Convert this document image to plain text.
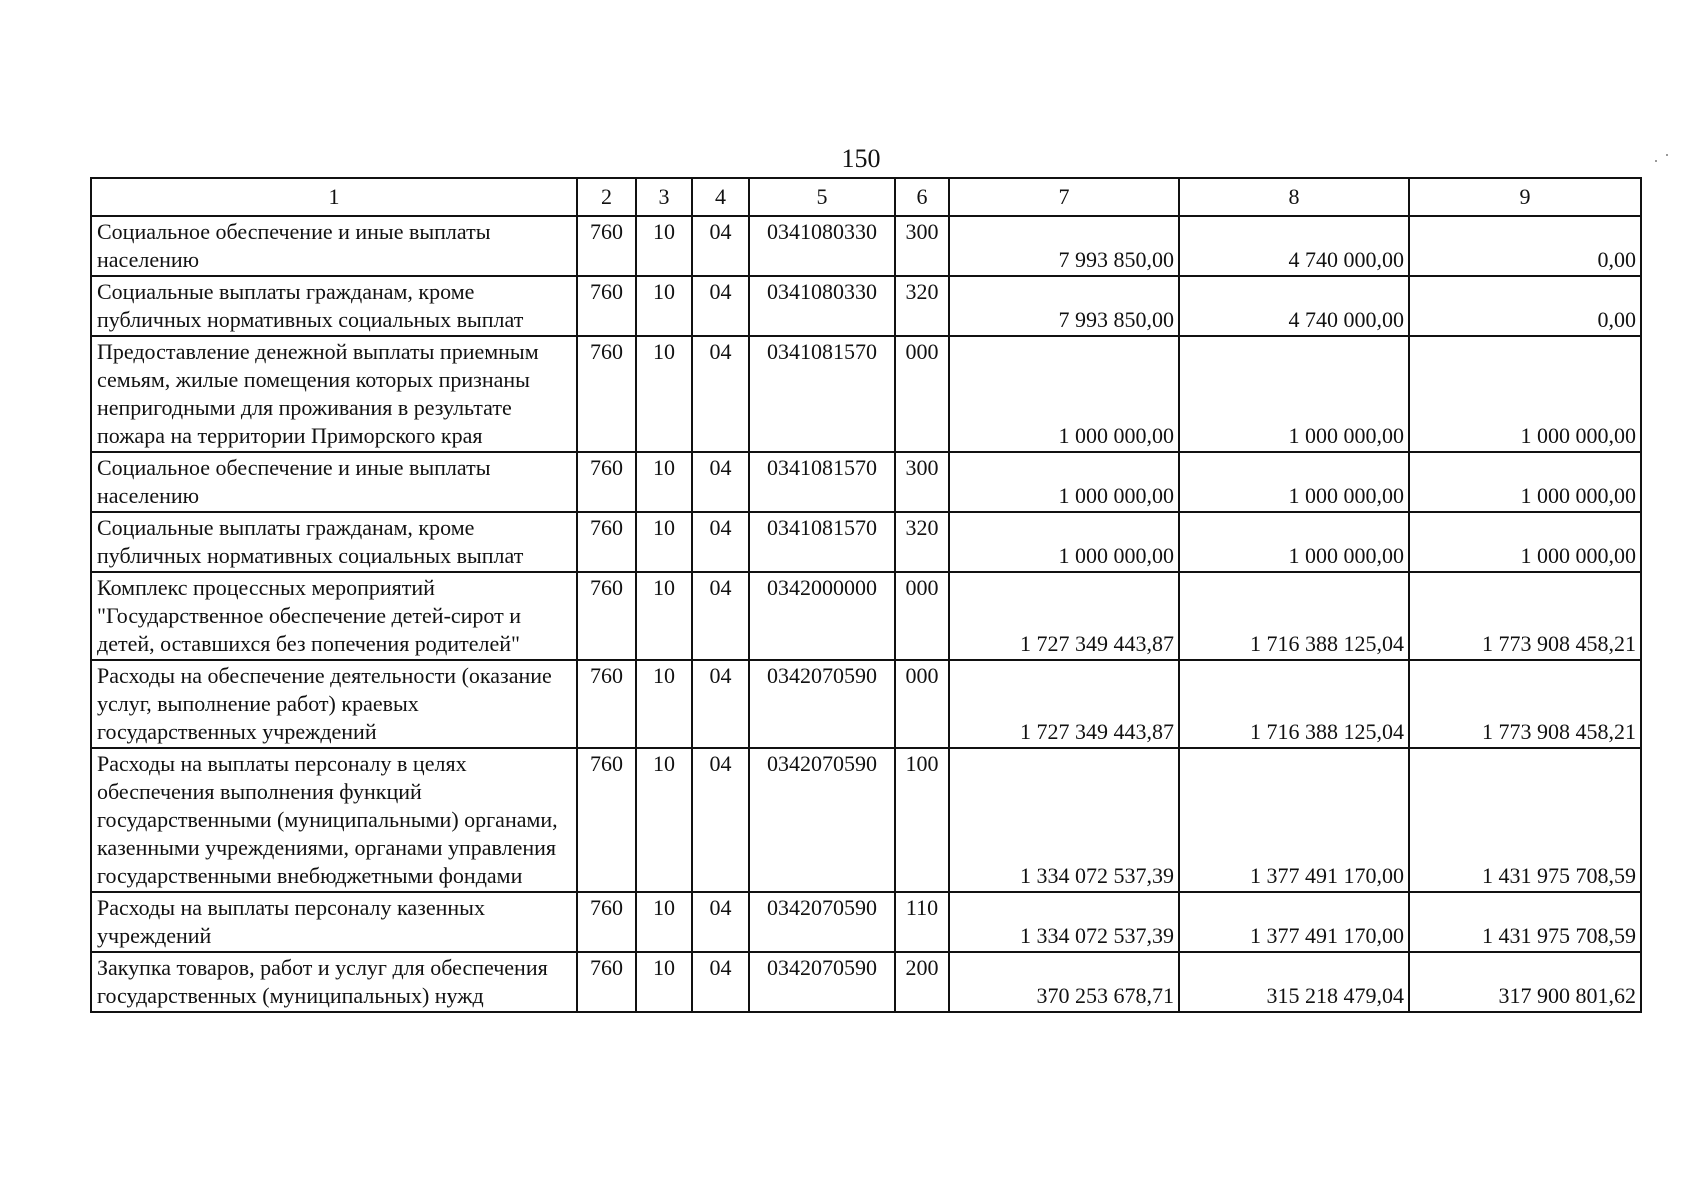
150
1	2	3	4	5	6	7	8	9
Социальное обеспечение и иные выплаты населению	760	10	04	0341080330	300	7 993 850,00	4 740 000,00	0,00
Социальные выплаты гражданам, кроме публичных нормативных социальных выплат	760	10	04	0341080330	320	7 993 850,00	4 740 000,00	0,00
Предоставление денежной выплаты приемным семьям, жилые помещения которых признаны непригодными для проживания в результате пожара на территории Приморского края	760	10	04	0341081570	000	1 000 000,00	1 000 000,00	1 000 000,00
Социальное обеспечение и иные выплаты населению	760	10	04	0341081570	300	1 000 000,00	1 000 000,00	1 000 000,00
Социальные выплаты гражданам, кроме публичных нормативных социальных выплат	760	10	04	0341081570	320	1 000 000,00	1 000 000,00	1 000 000,00
Комплекс процессных мероприятий "Государственное обеспечение детей-сирот и детей, оставшихся без попечения родителей"	760	10	04	0342000000	000	1 727 349 443,87	1 716 388 125,04	1 773 908 458,21
Расходы на обеспечение деятельности (оказание услуг, выполнение работ) краевых государственных учреждений	760	10	04	0342070590	000	1 727 349 443,87	1 716 388 125,04	1 773 908 458,21
Расходы на выплаты персоналу в целях обеспечения выполнения функций государственными (муниципальными) органами, казенными учреждениями, органами управления государственными внебюджетными фондами	760	10	04	0342070590	100	1 334 072 537,39	1 377 491 170,00	1 431 975 708,59
Расходы на выплаты персоналу казенных учреждений	760	10	04	0342070590	110	1 334 072 537,39	1 377 491 170,00	1 431 975 708,59
Закупка товаров, работ и услуг для обеспечения государственных (муниципальных) нужд	760	10	04	0342070590	200	370 253 678,71	315 218 479,04	317 900 801,62
